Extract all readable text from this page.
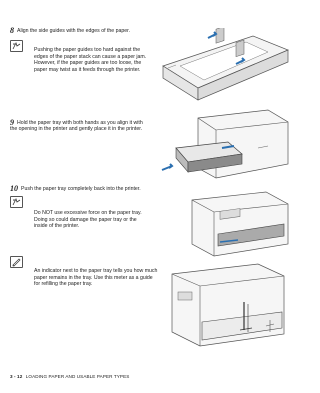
8 Align the side guides with the edges of the paper.
Pushing the paper guides too hard against the edges of the paper stack can cause a paper jam. However, if the paper guides are too loose, the paper may twist as it feeds through the printer.
9 Hold the paper tray with both hands as you align it with the opening in the printer and gently place it in the printer.
10 Push the paper tray completely back into the printer.
Do NOT use excessive force on the paper tray. Doing so could damage the paper tray or the inside of the printer.
An indicator next to the paper tray tells you how much paper remains in the tray. Use this meter as a guide for refilling the paper tray.
3 - 12 LOADING PAPER AND USABLE PAPER TYPES
